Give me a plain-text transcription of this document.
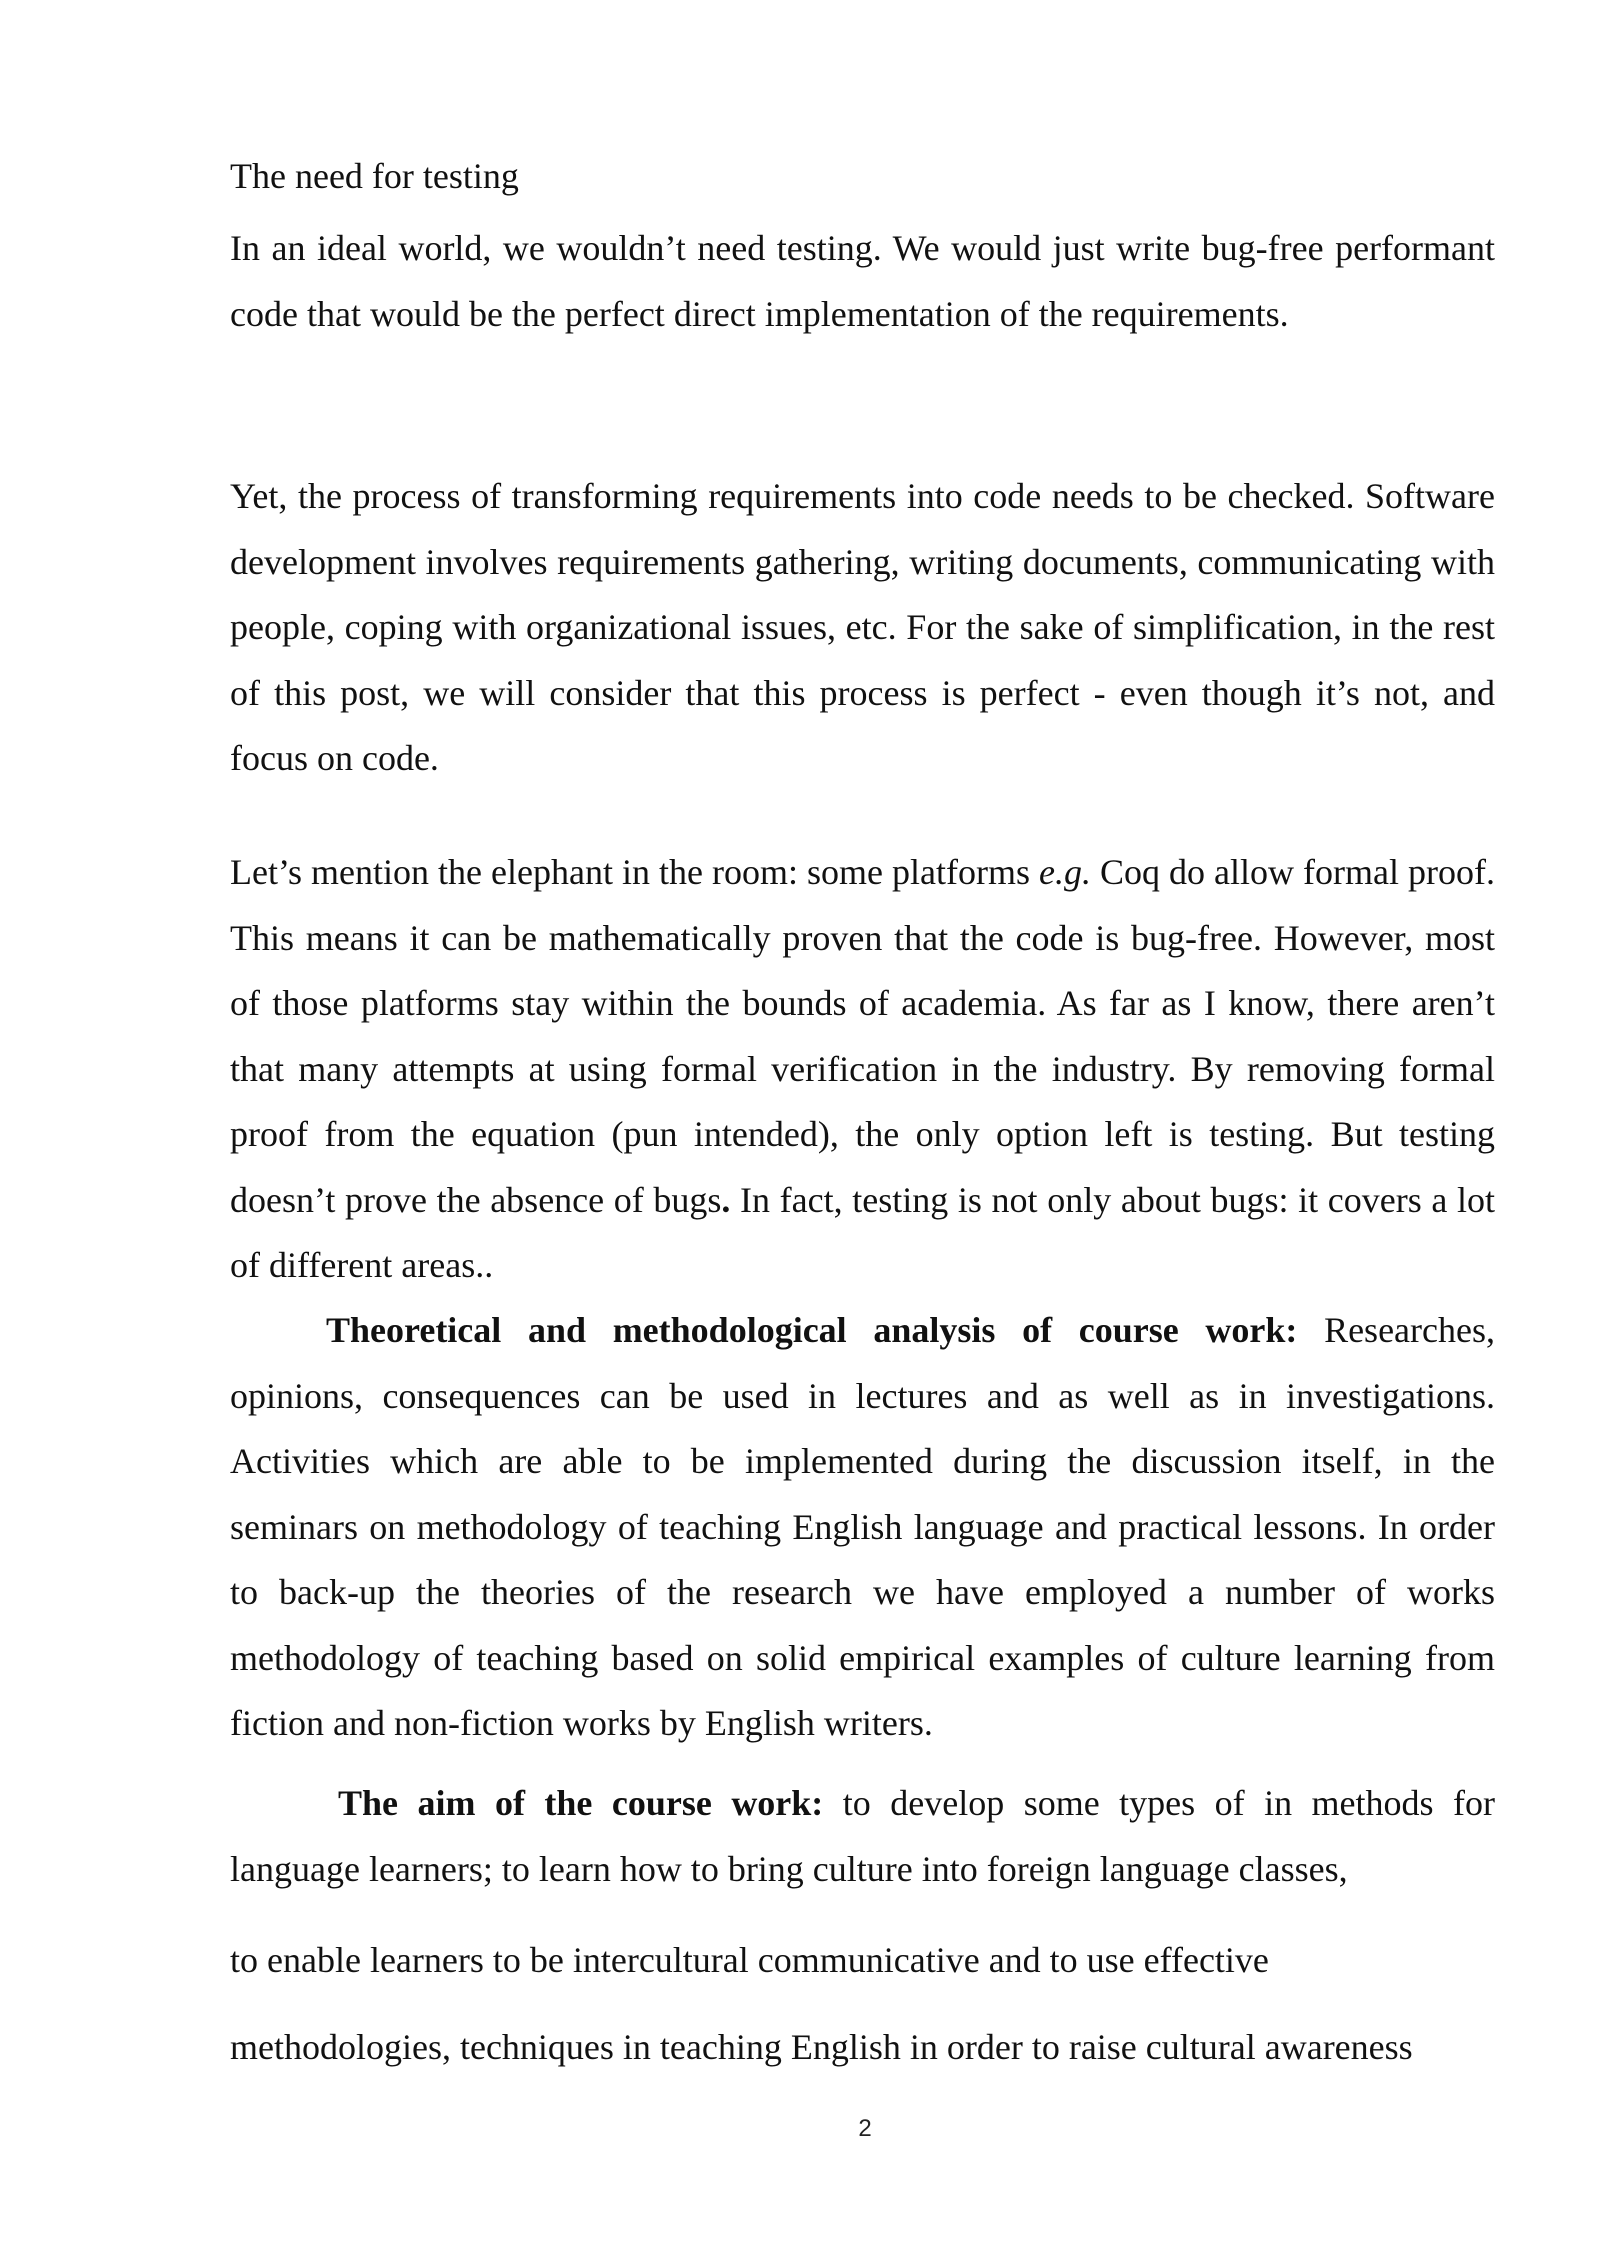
The need for testing

In an ideal world, we wouldn’t need testing. We would just write bug-free performant code that would be the perfect direct implementation of the requirements.

Yet, the process of transforming requirements into code needs to be checked. Software development involves requirements gathering, writing documents, communicating with people, coping with organizational issues, etc. For the sake of simplification, in the rest of this post, we will consider that this process is perfect - even though it’s not, and focus on code.

Let’s mention the elephant in the room: some platforms e.g. Coq do allow formal proof. This means it can be mathematically proven that the code is bug-free. However, most of those platforms stay within the bounds of academia. As far as I know, there aren’t that many attempts at using formal verification in the industry. By removing formal proof from the equation (pun intended), the only option left is testing. But testing doesn’t prove the absence of bugs. In fact, testing is not only about bugs: it covers a lot of different areas..

Theoretical and methodological analysis of course work: Researches, opinions, consequences can be used in lectures and as well as in investigations. Activities which are able to be implemented during the discussion itself, in the seminars on methodology of teaching English language and practical lessons. In order to back-up the theories of the research we have employed a number of works methodology of teaching based on solid empirical examples of culture learning from fiction and non-fiction works by English writers.

The aim of the course work: to develop some types of in methods for language learners; to learn how to bring culture into foreign language classes,

to enable learners to be intercultural communicative and to use effective
methodologies, techniques in teaching English in order to raise cultural awareness
2
